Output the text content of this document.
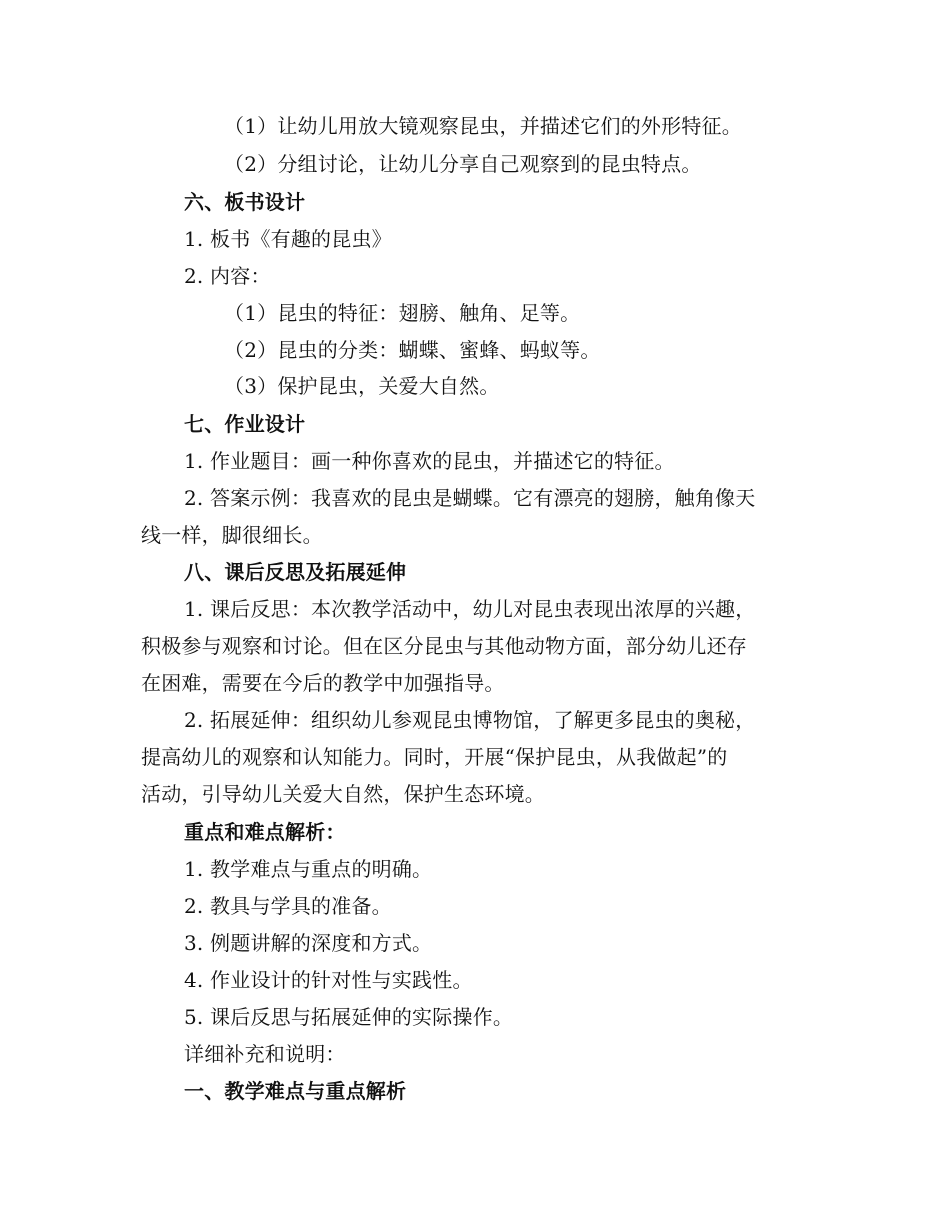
（1）让幼儿用放大镜观察昆虫，并描述它们的外形特征。
（2）分组讨论，让幼儿分享自己观察到的昆虫特点。
六、板书设计
1. 板书《有趣的昆虫》
2. 内容：
（1）昆虫的特征：翅膀、触角、足等。
（2）昆虫的分类：蝴蝶、蜜蜂、蚂蚁等。
（3）保护昆虫，关爱大自然。
七、作业设计
1. 作业题目：画一种你喜欢的昆虫，并描述它的特征。
2. 答案示例：我喜欢的昆虫是蝴蝶。它有漂亮的翅膀，触角像天
线一样，脚很细长。
八、课后反思及拓展延伸
1. 课后反思：本次教学活动中，幼儿对昆虫表现出浓厚的兴趣，
积极参与观察和讨论。但在区分昆虫与其他动物方面，部分幼儿还存
在困难，需要在今后的教学中加强指导。
2. 拓展延伸：组织幼儿参观昆虫博物馆，了解更多昆虫的奥秘，
提高幼儿的观察和认知能力。同时，开展“保护昆虫，从我做起”的
活动，引导幼儿关爱大自然，保护生态环境。
重点和难点解析：
1. 教学难点与重点的明确。
2. 教具与学具的准备。
3. 例题讲解的深度和方式。
4. 作业设计的针对性与实践性。
5. 课后反思与拓展延伸的实际操作。
详细补充和说明：
一、教学难点与重点解析
